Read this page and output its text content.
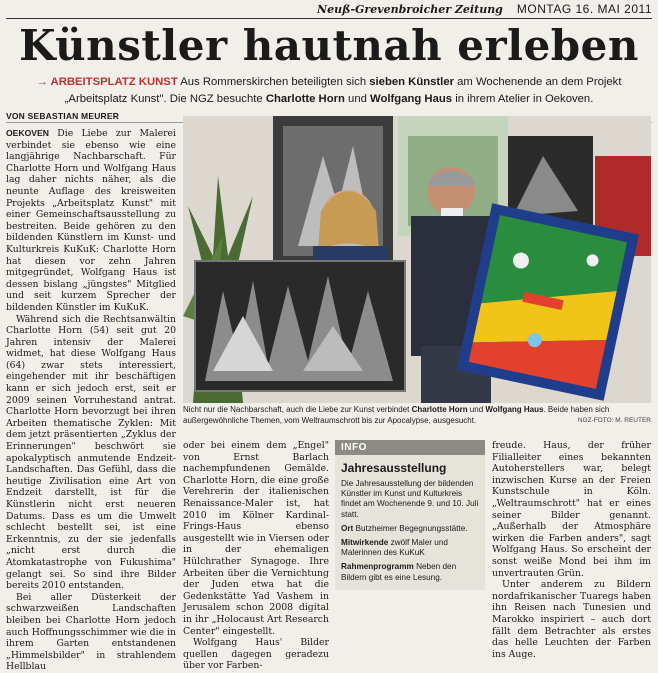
Neuß-Grevenbroicher Zeitung MONTAG 16. MAI 2011
Künstler hautnah erleben
→ ARBEITSPLATZ KUNST Aus Rommerskirchen beteiligten sich sieben Künstler am Wochenende an dem Projekt „Arbeitsplatz Kunst". Die NGZ besuchte Charlotte Horn und Wolfgang Haus in ihrem Atelier in Oekoven.
VON SEBASTIAN MEURER

OEKOVEN Die Liebe zur Malerei verbindet sie ebenso wie eine langjährige Nachbarschaft. Für Charlotte Horn und Wolfgang Haus lag daher nichts näher, als die neunte Auflage des kreisweiten Projekts „Arbeitsplatz Kunst" mit einer Gemeinschaftsausstellung zu bestreiten. Beide gehören zu den bildenden Künstlern im Kunst- und Kulturkreis KuKuK: Charlotte Horn hat diesen vor zehn Jahren mitgegründet, Wolfgang Haus ist dessen bislang „jüngstes" Mitglied und seit kurzem Sprecher der bildenden Künstler im KuKuK.

Während sich die Rechtsanwältin Charlotte Horn (54) seit gut 20 Jahren intensiv der Malerei widmet, hat diese Wolfgang Haus (64) zwar stets interessiert, eingehender mit ihr beschäftigen kann er sich jedoch erst, seit er 2009 seinen Vorruhestand antrat. Charlotte Horn bevorzugt bei ihren Arbeiten thematische Zyklen: Mit dem jetzt präsentierten „Zyklus der Erinnerungen" beschwört sie apokalyptisch anmutende Endzeit-Landschaften. Das Gefühl, dass die heutige Zivilisation eine Art von Endzeit darstellt, ist für die Künstlerin nicht erst neueren Datums. Dass es um die Umwelt schlecht bestellt sei, ist eine Erkenntnis, zu der sie jedenfalls „nicht erst durch die Atomkatastrophe von Fukushima" gelangt sei. So sind ihre Bilder bereits 2010 entstanden.

Bei aller Düsterkeit der schwarzweißen Landschaften bleiben bei Charlotte Horn jedoch auch Hoffnungsschimmer wie die in ihrem Garten entstandenen „Himmelsbilder" in strahlendem Hellblau

Nicht nur die Nachbarschaft, auch die Liebe zur Kunst verbindet Charlotte Horn und Wolfgang Haus. Beide haben sich außergewöhnliche Themen, vom Weltraumschrott bis zur Apocalypse, ausgesucht.	NGZ-FOTO: M. REUTER

oder bei einem dem „Engel" von Ernst Barlach nachempfundenen Gemälde. Charlotte Horn, die eine große Verehrerin der italienischen Renaissance-Maler ist, hat 2010 im Kölner Kardinal-Frings-Haus ebenso ausgestellt wie in Viersen oder in der ehemaligen Hülchrather Synagoge. Ihre Arbeiten über die Vernichtung der Juden etwa hat die Gedenkstätte Yad Vashem in Jerusalem schon 2008 digital in ihr „Holocaust Art Research Center" eingestellt.

Wolfgang Haus' Bilder quellen dagegen geradezu über vor Farben-

INFO
Jahresausstellung
Die Jahresausstellung der bildenden Künstler im Kunst und Kulturkreis findet am Wochenende 9. und 10. Juli statt.
Ort Butzheimer Begegnungsstätte.
Mitwirkende zwölf Maler und Malerinnen des KuKuK
Rahmenprogramm Neben den Bildern gibt es eine Lesung.

freude. Haus, der früher Filialleiter eines bekannten Autoherstellers war, belegt inzwischen Kurse an der Freien Kunstschule in Köln. „Weltraumschrott" hat er eines seiner Bilder genannt. „Außerhalb der Atmosphäre wirken die Farben anders", sagt Wolfgang Haus. So erscheint der sonst weiße Mond bei ihm im unvertrauten Grün.

Unter anderem zu Bildern nordafrikanischer Tuaregs haben ihn Reisen nach Tunesien und Marokko inspiriert – auch dort fällt dem Betrachter als erstes das helle Leuchten der Farben ins Auge.
